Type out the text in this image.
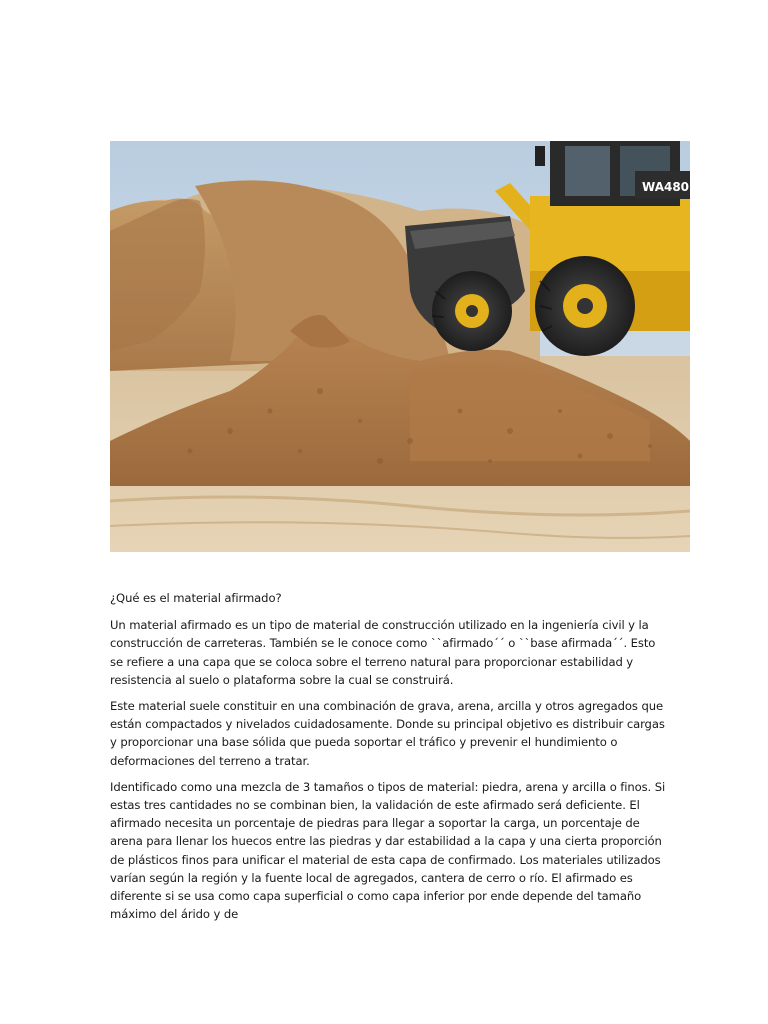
WA480
¿Qué es el material afirmado?

Un material afirmado es un tipo de material de construcción utilizado en la ingeniería civil y la construcción de carreteras. También se le conoce como ``afirmado´´ o ``base afirmada´´. Esto se refiere a una capa que se coloca sobre el terreno natural para proporcionar estabilidad y resistencia al suelo o plataforma sobre la cual se construirá.

Este material suele constituir en una combinación de grava, arena, arcilla y otros agregados que están compactados y nivelados cuidadosamente. Donde su principal objetivo es distribuir cargas y proporcionar una base sólida que pueda soportar el tráfico y prevenir el hundimiento o deformaciones del terreno a tratar.

Identificado como una mezcla de 3 tamaños o tipos de material: piedra, arena y arcilla o finos. Si estas tres cantidades no se combinan bien, la validación de este afirmado será deficiente. El afirmado necesita un porcentaje de piedras para llegar a soportar la carga, un porcentaje de arena para llenar los huecos entre las piedras y dar estabilidad a la capa y una cierta proporción de plásticos finos para unificar el material de esta capa de confirmado. Los materiales utilizados varían según la región y la fuente local de agregados, cantera de cerro o río. El afirmado es diferente si se usa como capa superficial o como capa inferior por ende depende del tamaño máximo del árido y de
